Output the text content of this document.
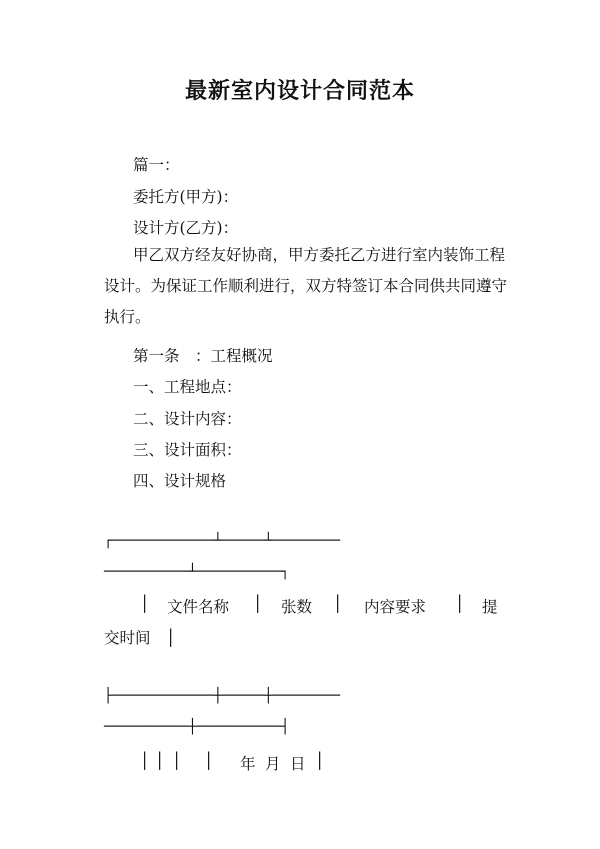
最新室内设计合同范本
篇一：
委托方(甲方)：
设计方(乙方)：
甲乙双方经友好协商，甲方委托乙方进行室内装饰工程设计。为保证工作顺利进行，双方特签订本合同供共同遵守执行。
第一条　：工程概况
一、工程地点：
二、设计内容：
三、设计面积：
四、设计规格
┌────────────┴─────┴────────
──────────┴──────────┐
│ 文件名称 │ 张数 │ 内容要求 │ 提
交时间　│
├────────────┼─────┼────────
──────────┼──────────┤
│ │ │ │ 年 月 日 │
